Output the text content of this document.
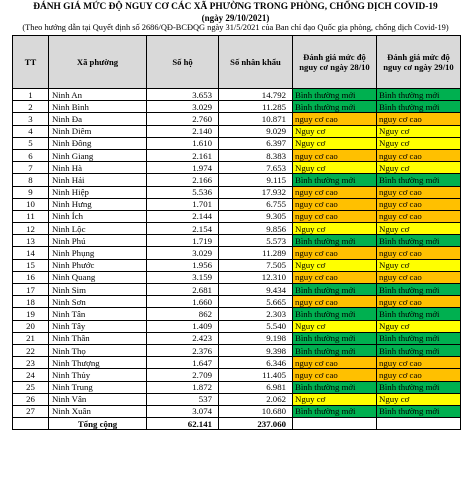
ĐÁNH GIÁ MỨC ĐỘ NGUY CƠ CÁC XÃ PHƯỜNG TRONG PHÒNG, CHỐNG DỊCH COVID-19
(ngày 29/10/2021)
(Theo hướng dẫn tại Quyết định số 2686/QĐ-BCĐQG ngày 31/5/2021 của Ban chỉ đạo Quốc gia phòng, chống dịch Covid-19)
TT	Xã phường	Số hộ	Số nhân khẩu	Đánh giá mức độ nguy cơ ngày 28/10	Đánh giá mức độ nguy cơ ngày 29/10
1	Ninh An	3.653	14.792	Bình thường mới	Bình thường mới
2	Ninh Bình	3.029	11.285	Bình thường mới	Bình thường mới
3	Ninh Đa	2.760	10.871	nguy cơ cao	nguy cơ cao
4	Ninh Diêm	2.140	9.029	Nguy cơ	Nguy cơ
5	Ninh Đông	1.610	6.397	Nguy cơ	Nguy cơ
6	Ninh Giang	2.161	8.383	nguy cơ cao	nguy cơ cao
7	Ninh Hà	1.974	7.653	Nguy cơ	Nguy cơ
8	Ninh Hải	2.166	9.115	Bình thường mới	Bình thường mới
9	Ninh Hiệp	5.536	17.932	nguy cơ cao	nguy cơ cao
10	Ninh Hưng	1.701	6.755	nguy cơ cao	nguy cơ cao
11	Ninh Ích	2.144	9.305	nguy cơ cao	nguy cơ cao
12	Ninh Lộc	2.154	9.856	Nguy cơ	Nguy cơ
13	Ninh Phú	1.719	5.573	Bình thường mới	Bình thường mới
14	Ninh Phụng	3.029	11.289	nguy cơ cao	nguy cơ cao
15	Ninh Phước	1.956	7.505	Nguy cơ	Nguy cơ
16	Ninh Quang	3.159	12.310	nguy cơ cao	nguy cơ cao
17	Ninh Sim	2.681	9.434	Bình thường mới	Bình thường mới
18	Ninh Sơn	1.660	5.665	nguy cơ cao	nguy cơ cao
19	Ninh Tân	862	2.303	Bình thường mới	Bình thường mới
20	Ninh Tây	1.409	5.540	Nguy cơ	Nguy cơ
21	Ninh Thân	2.423	9.198	Bình thường mới	Bình thường mới
22	Ninh Thọ	2.376	9.398	Bình thường mới	Bình thường mới
23	Ninh Thượng	1.647	6.346	nguy cơ cao	nguy cơ cao
24	Ninh Thủy	2.709	11.405	nguy cơ cao	nguy cơ cao
25	Ninh Trung	1.872	6.981	Bình thường mới	Bình thường mới
26	Ninh Vân	537	2.062	Nguy cơ	Nguy cơ
27	Ninh Xuân	3.074	10.680	Bình thường mới	Bình thường mới
	Tổng cộng	62.141	237.060		
